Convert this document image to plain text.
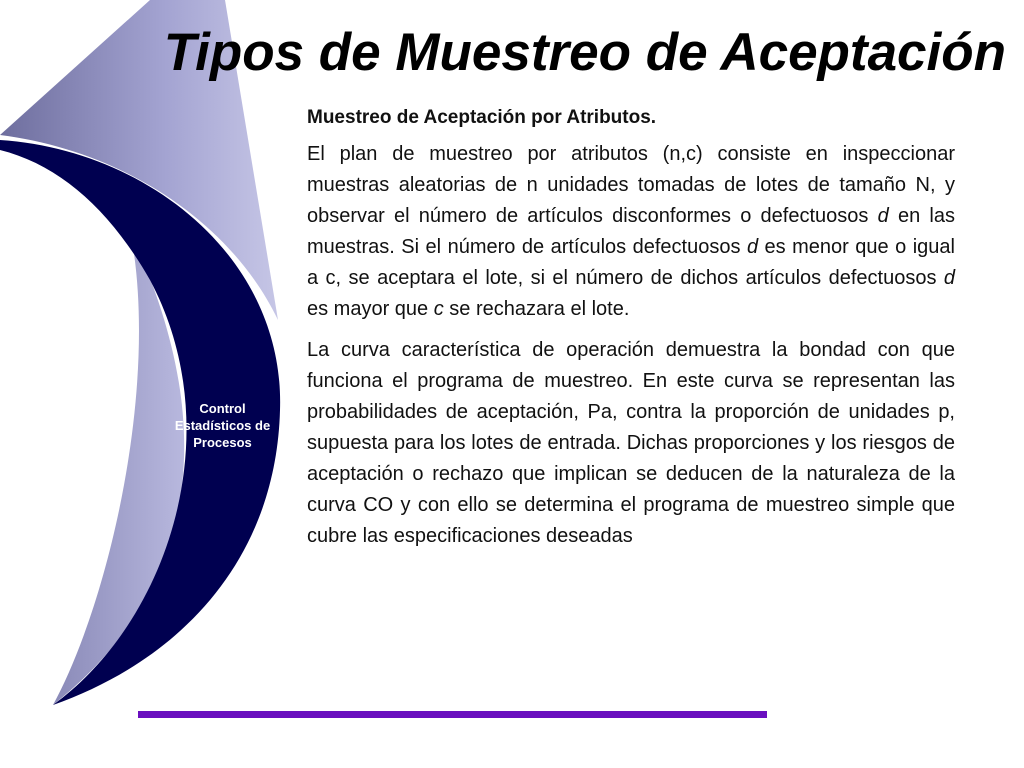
Tipos de Muestreo de Aceptación
Control
Estadísticos de
Procesos

Muestreo de Aceptación por Atributos.

El plan de muestreo por atributos (n,c) consiste en inspeccionar muestras aleatorias de n unidades tomadas de lotes de tamaño N, y observar el número de artículos disconformes o defectuosos d en las muestras. Si el número de artículos defectuosos d es menor que o igual a c, se aceptara el lote, si el número de dichos artículos defectuosos d es mayor que c se rechazara el lote.

La curva característica de operación demuestra la bondad con que funciona el programa de muestreo. En este curva se representan las probabilidades de aceptación, Pa, contra la proporción de unidades p, supuesta para los lotes de entrada. Dichas proporciones y los riesgos de aceptación o rechazo que implican se deducen de la naturaleza de la curva CO y con ello se determina el programa de muestreo simple que cubre las especificaciones deseadas
